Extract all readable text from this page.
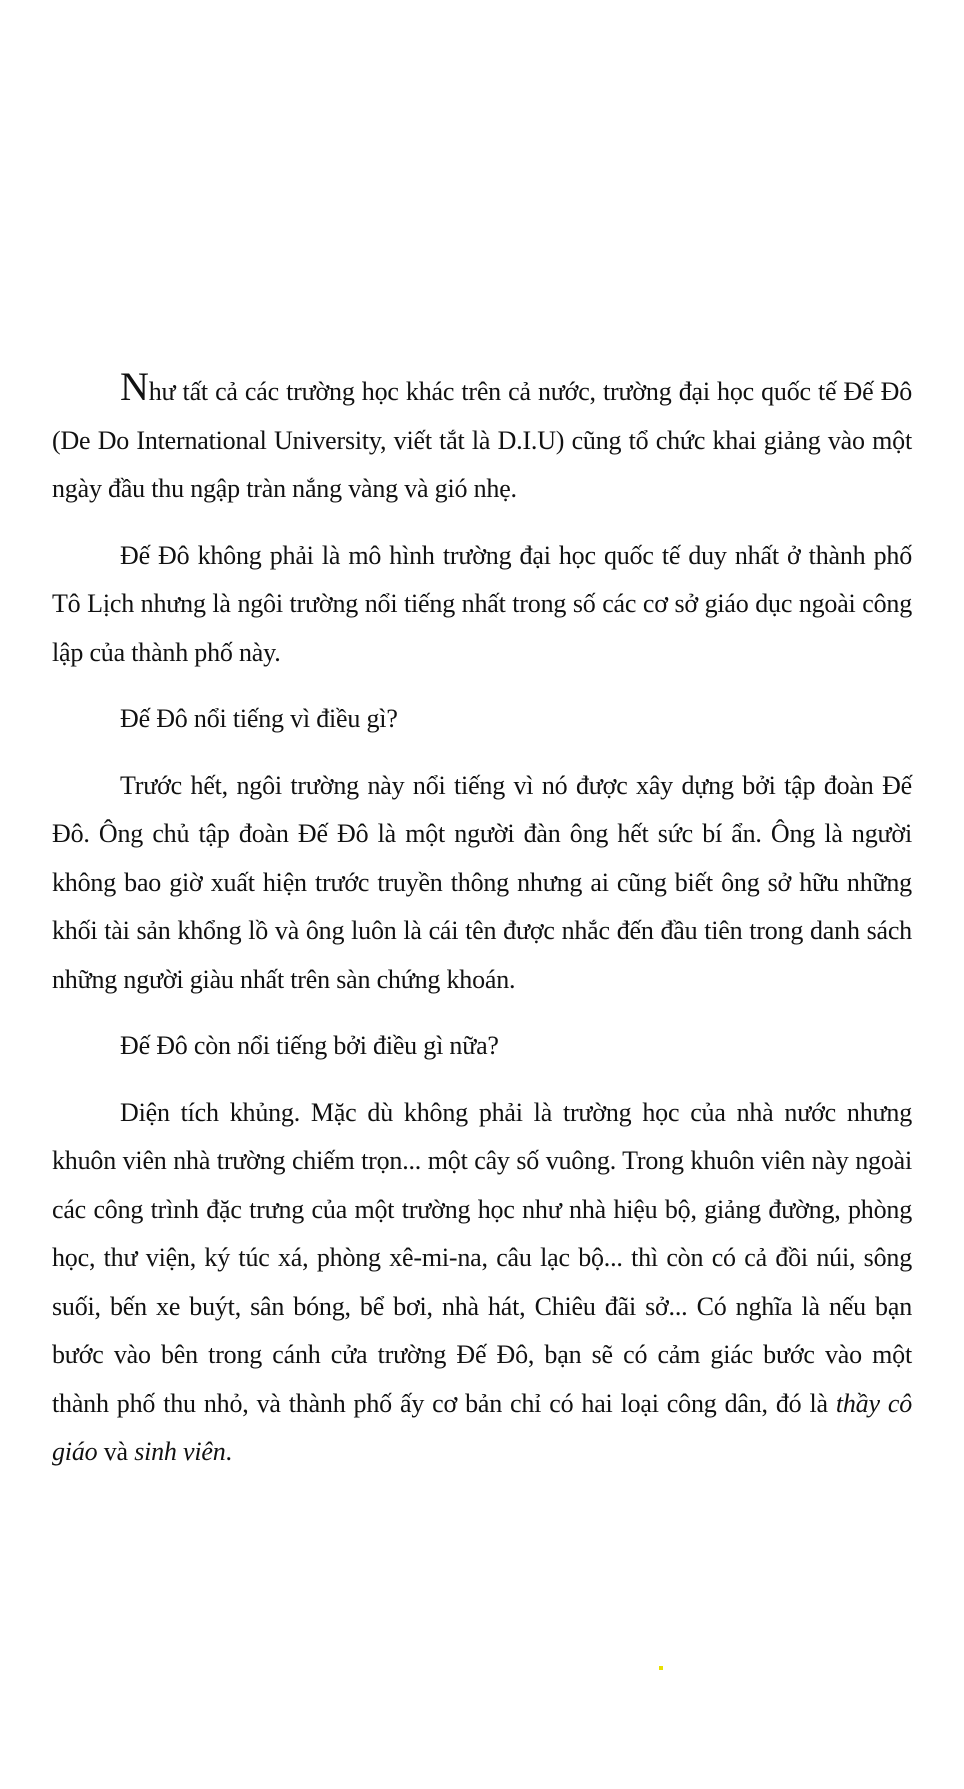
Như tất cả các trường học khác trên cả nước, trường đại học quốc tế Đế Đô (De Do International University, viết tắt là D.I.U) cũng tổ chức khai giảng vào một ngày đầu thu ngập tràn nắng vàng và gió nhẹ.

Đế Đô không phải là mô hình trường đại học quốc tế duy nhất ở thành phố Tô Lịch nhưng là ngôi trường nổi tiếng nhất trong số các cơ sở giáo dục ngoài công lập của thành phố này.

Đế Đô nổi tiếng vì điều gì?

Trước hết, ngôi trường này nổi tiếng vì nó được xây dựng bởi tập đoàn Đế Đô. Ông chủ tập đoàn Đế Đô là một người đàn ông hết sức bí ẩn. Ông là người không bao giờ xuất hiện trước truyền thông nhưng ai cũng biết ông sở hữu những khối tài sản khổng lồ và ông luôn là cái tên được nhắc đến đầu tiên trong danh sách những người giàu nhất trên sàn chứng khoán.

Đế Đô còn nổi tiếng bởi điều gì nữa?

Diện tích khủng. Mặc dù không phải là trường học của nhà nước nhưng khuôn viên nhà trường chiếm trọn... một cây số vuông. Trong khuôn viên này ngoài các công trình đặc trưng của một trường học như nhà hiệu bộ, giảng đường, phòng học, thư viện, ký túc xá, phòng xê-mi-na, câu lạc bộ... thì còn có cả đồi núi, sông suối, bến xe buýt, sân bóng, bể bơi, nhà hát, Chiêu đãi sở... Có nghĩa là nếu bạn bước vào bên trong cánh cửa trường Đế Đô, bạn sẽ có cảm giác bước vào một thành phố thu nhỏ, và thành phố ấy cơ bản chỉ có hai loại công dân, đó là thầy cô giáo và sinh viên.
